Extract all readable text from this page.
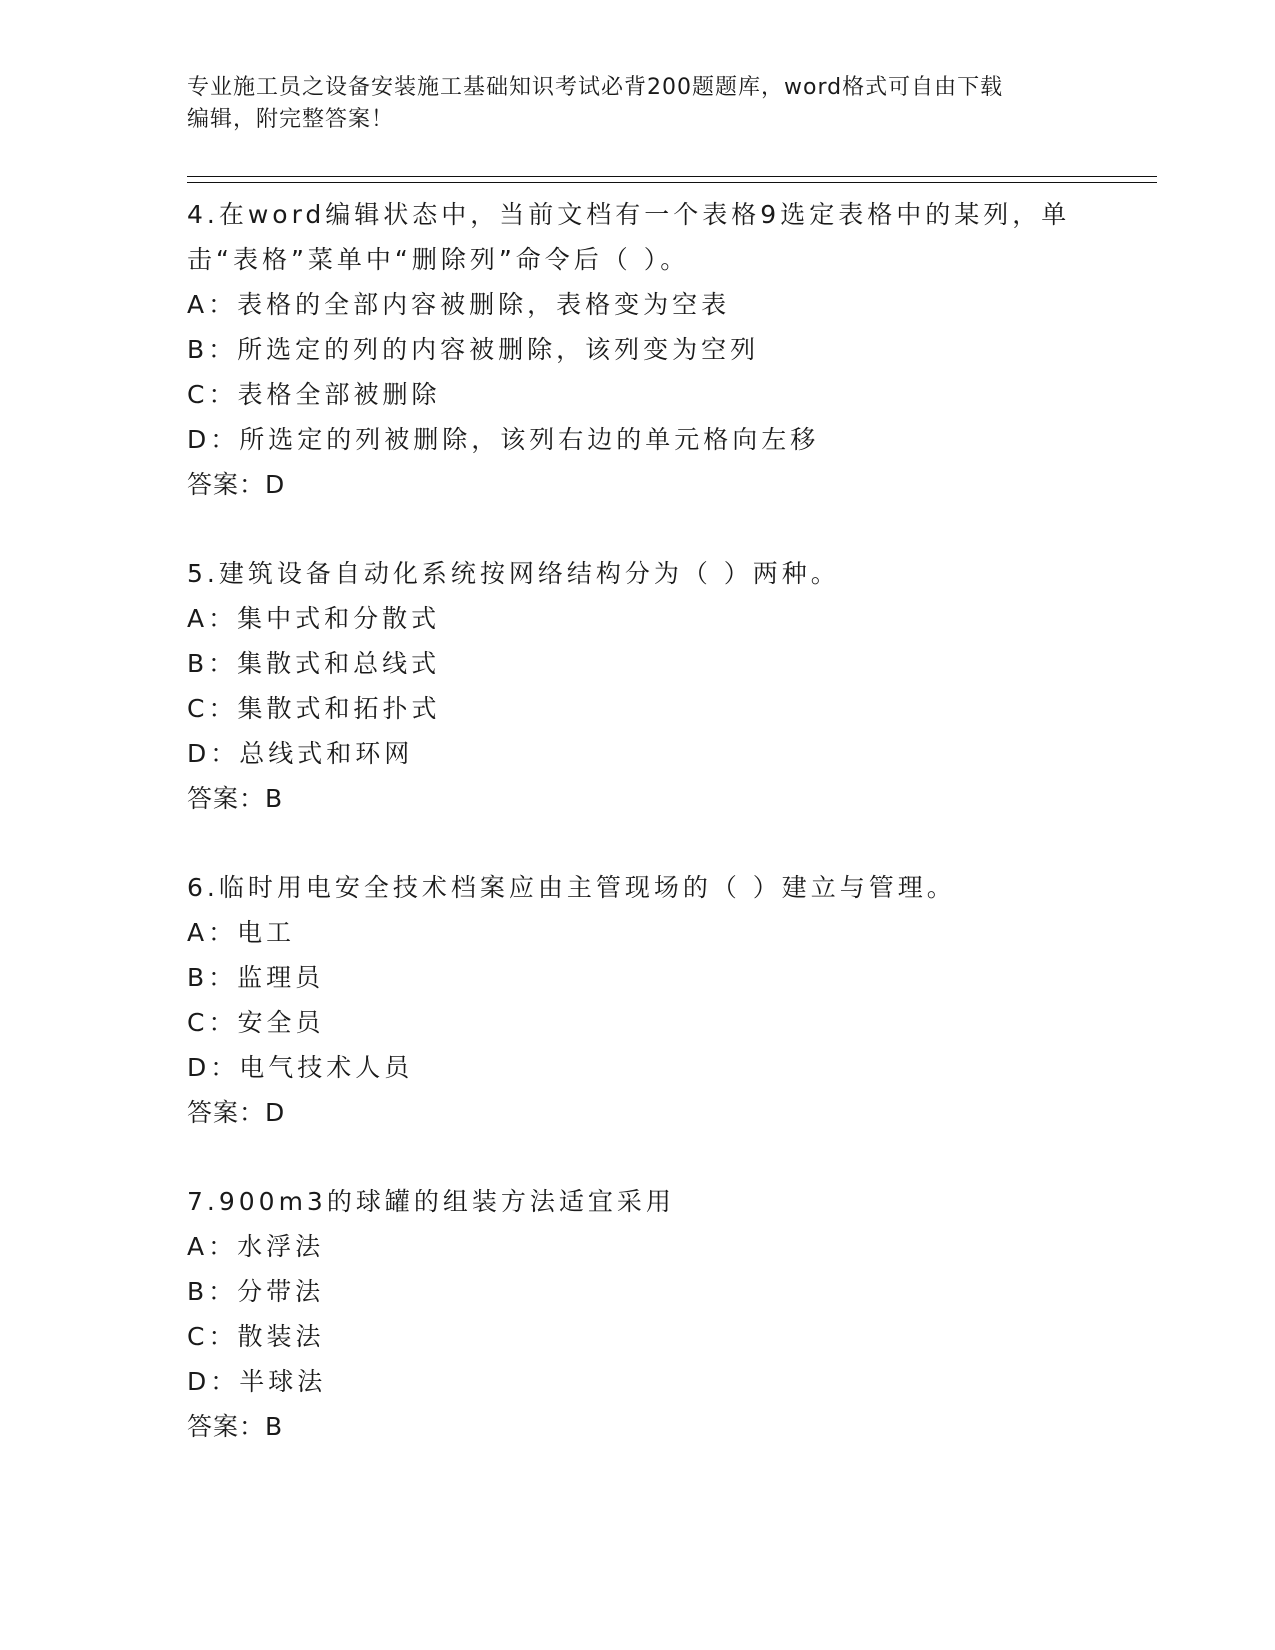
专业施工员之设备安装施工基础知识考试必背200题题库，word格式可自由下载
编辑，附完整答案！

4.在word编辑状态中，当前文档有一个表格9选定表格中的某列，单

击“表格”菜单中“删除列”命令后（ ）。

A：表格的全部内容被删除，表格变为空表

B：所选定的列的内容被删除，该列变为空列

C：表格全部被删除

D：所选定的列被删除，该列右边的单元格向左移

答案：D

5.建筑设备自动化系统按网络结构分为（ ）两种。

A：集中式和分散式

B：集散式和总线式

C：集散式和拓扑式

D：总线式和环网

答案：B

6.临时用电安全技术档案应由主管现场的（ ）建立与管理。

A：电工

B：监理员

C：安全员

D：电气技术人员

答案：D

7.900m3的球罐的组装方法适宜采用

A：水浮法

B：分带法

C：散装法

D：半球法

答案：B
